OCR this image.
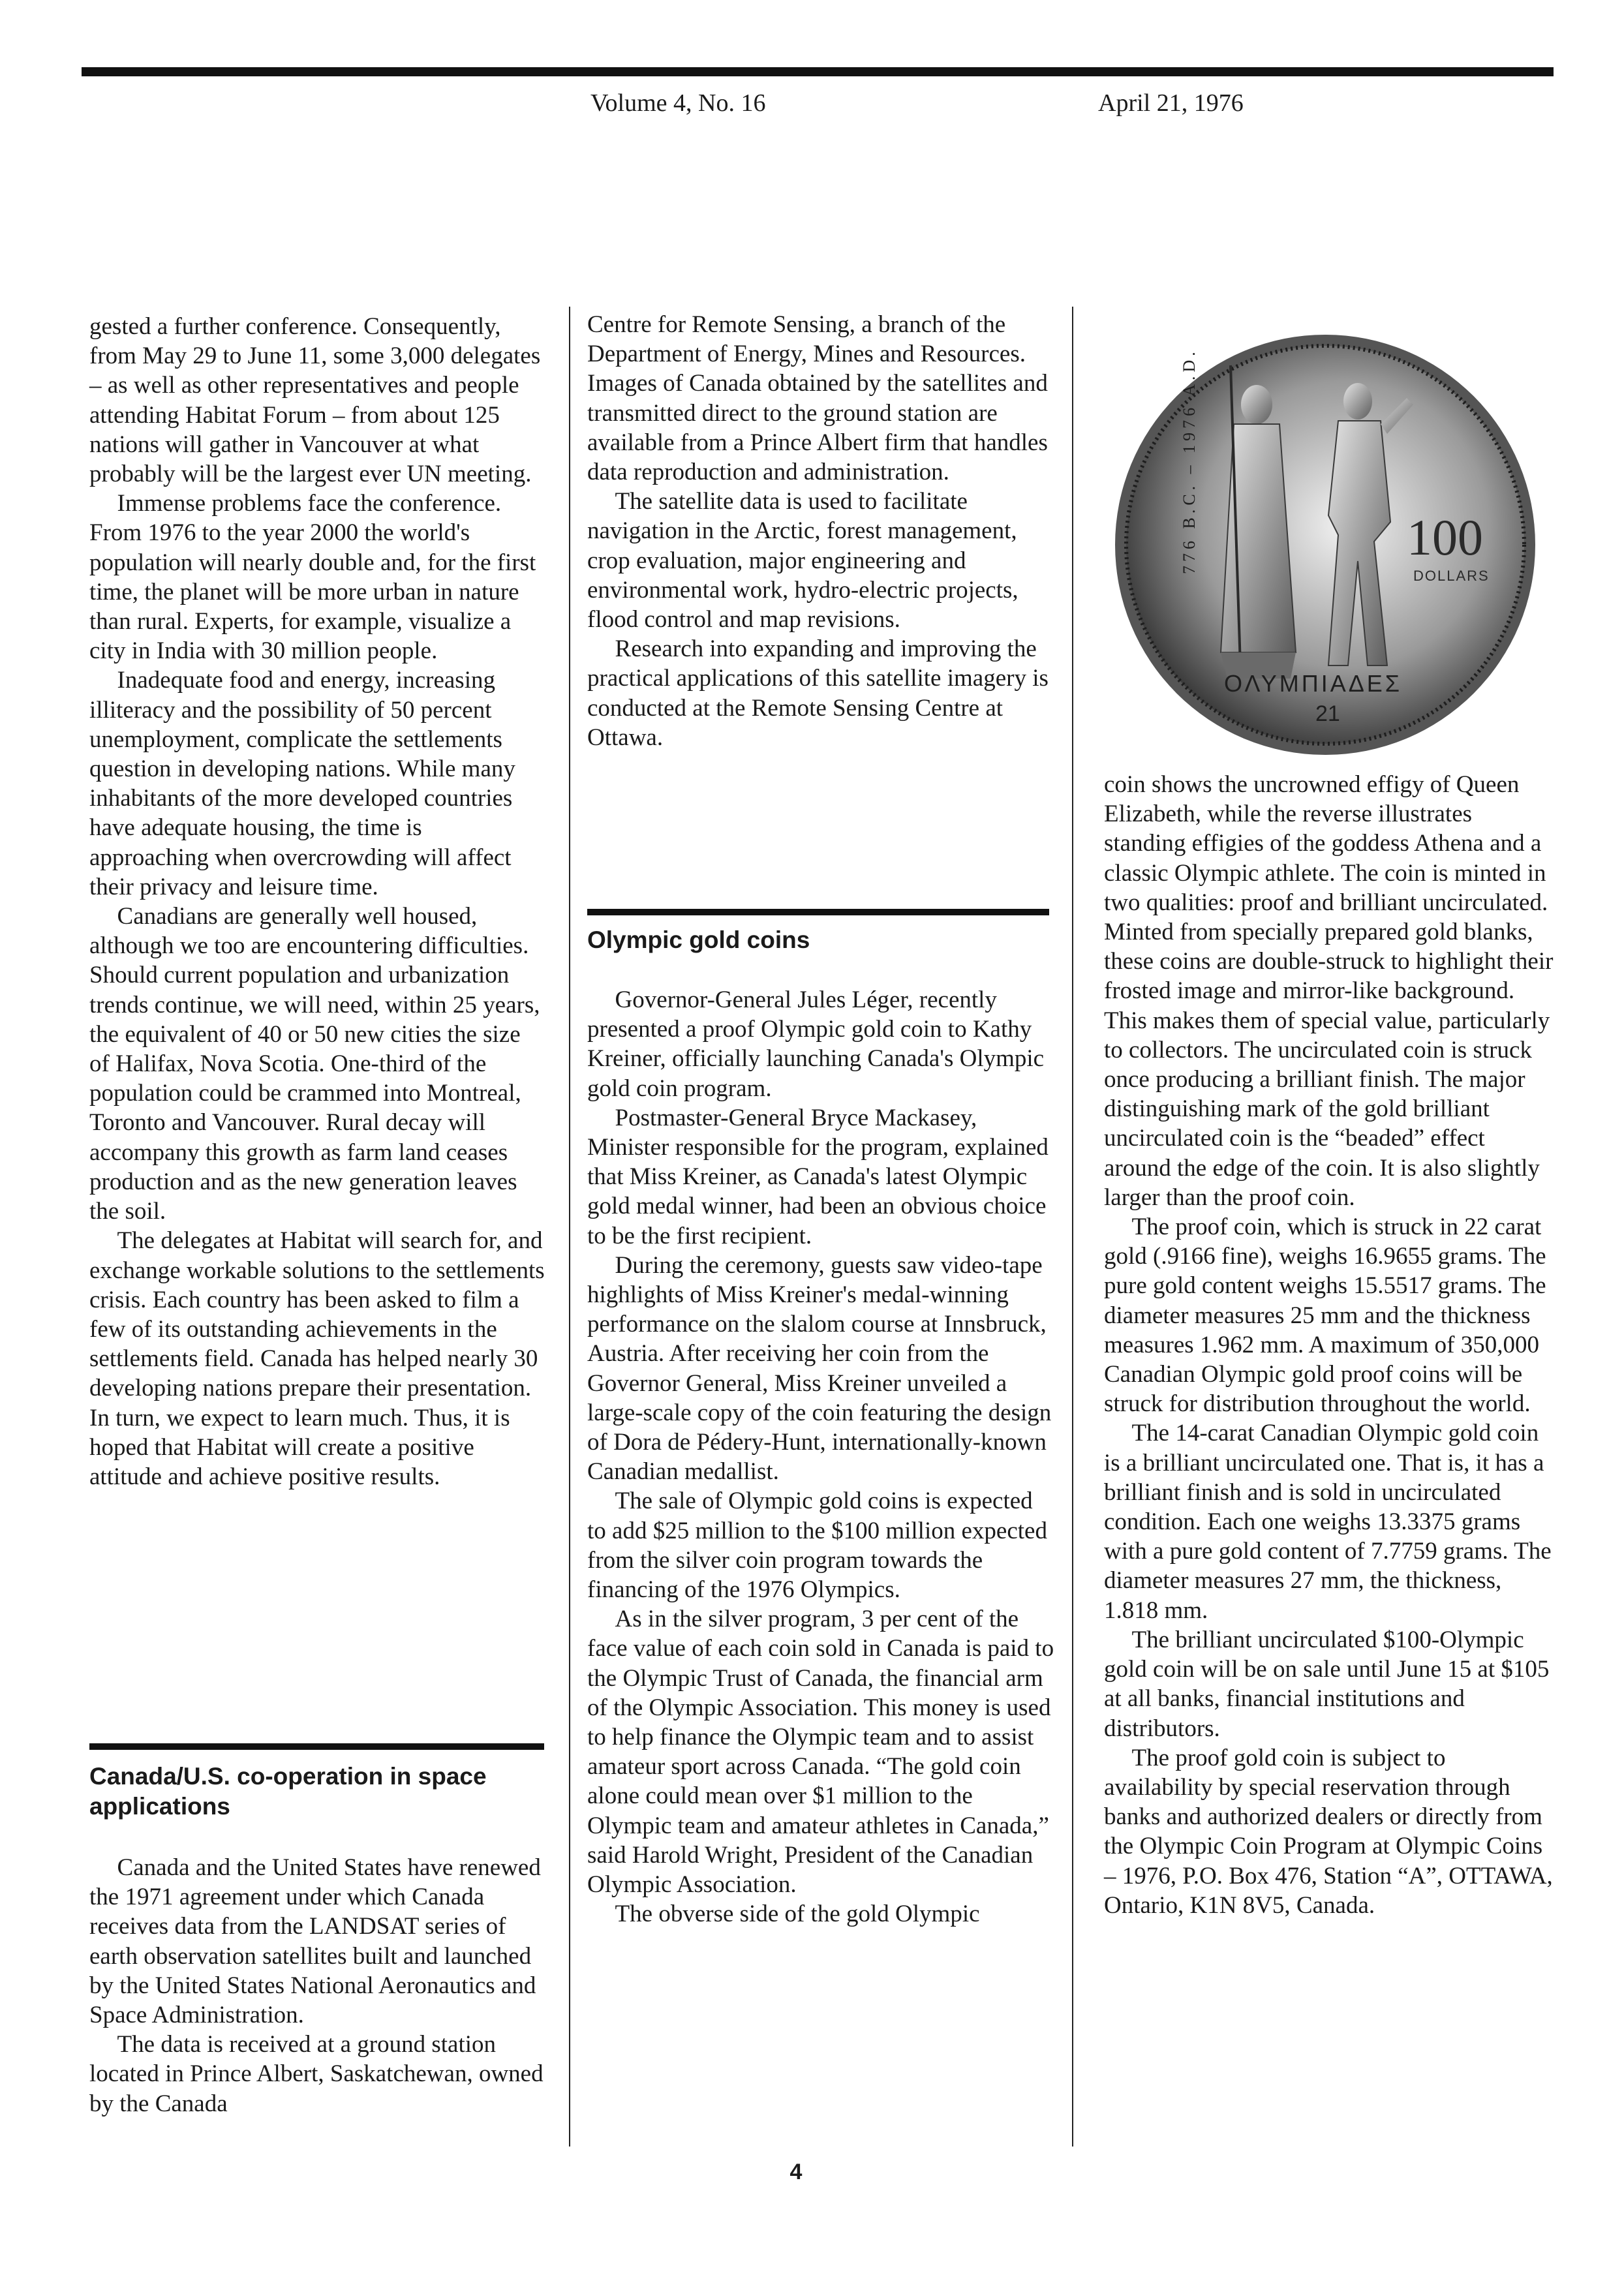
Volume 4, No. 16	April 21, 1976

gested a further conference. Consequently, from May 29 to June 11, some 3,000 delegates – as well as other representatives and people attending Habitat Forum – from about 125 nations will gather in Vancouver at what probably will be the largest ever UN meeting.

Immense problems face the conference. From 1976 to the year 2000 the world's population will nearly double and, for the first time, the planet will be more urban in nature than rural. Experts, for example, visualize a city in India with 30 million people.

Inadequate food and energy, increasing illiteracy and the possibility of 50 percent unemployment, complicate the settlements question in developing nations. While many inhabitants of the more developed countries have adequate housing, the time is approaching when overcrowding will affect their privacy and leisure time.

Canadians are generally well housed, although we too are encountering difficulties. Should current population and urbanization trends continue, we will need, within 25 years, the equivalent of 40 or 50 new cities the size of Halifax, Nova Scotia. One-third of the population could be crammed into Montreal, Toronto and Vancouver. Rural decay will accompany this growth as farm land ceases production and as the new generation leaves the soil.

The delegates at Habitat will search for, and exchange workable solutions to the settlements crisis. Each country has been asked to film a few of its outstanding achievements in the settlements field. Canada has helped nearly 30 developing nations prepare their presentation. In turn, we expect to learn much. Thus, it is hoped that Habitat will create a positive attitude and achieve positive results.

Canada/U.S. co-operation in space applications

Canada and the United States have renewed the 1971 agreement under which Canada receives data from the LANDSAT series of earth observation satellites built and launched by the United States National Aeronautics and Space Administration.

The data is received at a ground station located in Prince Albert, Saskatchewan, owned by the Canada

Centre for Remote Sensing, a branch of the Department of Energy, Mines and Resources. Images of Canada obtained by the satellites and transmitted direct to the ground station are available from a Prince Albert firm that handles data reproduction and administration.

The satellite data is used to facilitate navigation in the Arctic, forest management, crop evaluation, major engineering and environmental work, hydro-electric projects, flood control and map revisions.

Research into expanding and improving the practical applications of this satellite imagery is conducted at the Remote Sensing Centre at Ottawa.

Olympic gold coins

Governor-General Jules Léger, recently presented a proof Olympic gold coin to Kathy Kreiner, officially launching Canada's Olympic gold coin program.

Postmaster-General Bryce Mackasey, Minister responsible for the program, explained that Miss Kreiner, as Canada's latest Olympic gold medal winner, had been an obvious choice to be the first recipient.

During the ceremony, guests saw video-tape highlights of Miss Kreiner's medal-winning performance on the slalom course at Innsbruck, Austria. After receiving her coin from the Governor General, Miss Kreiner unveiled a large-scale copy of the coin featuring the design of Dora de Pédery-Hunt, internationally-known Canadian medallist.

The sale of Olympic gold coins is expected to add $25 million to the $100 million expected from the silver coin program towards the financing of the 1976 Olympics.

As in the silver program, 3 per cent of the face value of each coin sold in Canada is paid to the Olympic Trust of Canada, the financial arm of the Olympic Association. This money is used to help finance the Olympic team and to assist amateur sport across Canada. “The gold coin alone could mean over $1 million to the Olympic team and amateur athletes in Canada,” said Harold Wright, President of the Canadian Olympic Association.

The obverse side of the gold Olympic

776 B.C. – 1976 A.D.	100
DOLLARS
ΟΛΥΜΠΙΑΔΕΣ
21

coin shows the uncrowned effigy of Queen Elizabeth, while the reverse illustrates standing effigies of the goddess Athena and a classic Olympic athlete. The coin is minted in two qualities: proof and brilliant uncirculated. Minted from specially prepared gold blanks, these coins are double-struck to highlight their frosted image and mirror-like background. This makes them of special value, particularly to collectors. The uncirculated coin is struck once producing a brilliant finish. The major distinguishing mark of the gold brilliant uncirculated coin is the “beaded” effect around the edge of the coin. It is also slightly larger than the proof coin.

The proof coin, which is struck in 22 carat gold (.9166 fine), weighs 16.9655 grams. The pure gold content weighs 15.5517 grams. The diameter measures 25 mm and the thickness measures 1.962 mm. A maximum of 350,000 Canadian Olympic gold proof coins will be struck for distribution throughout the world.

The 14-carat Canadian Olympic gold coin is a brilliant uncirculated one. That is, it has a brilliant finish and is sold in uncirculated condition. Each one weighs 13.3375 grams with a pure gold content of 7.7759 grams. The diameter measures 27 mm, the thickness, 1.818 mm.

The brilliant uncirculated $100-Olympic gold coin will be on sale until June 15 at $105 at all banks, financial institutions and distributors.

The proof gold coin is subject to availability by special reservation through banks and authorized dealers or directly from the Olympic Coin Program at Olympic Coins – 1976, P.O. Box 476, Station “A”, OTTAWA, Ontario, K1N 8V5, Canada.

4
